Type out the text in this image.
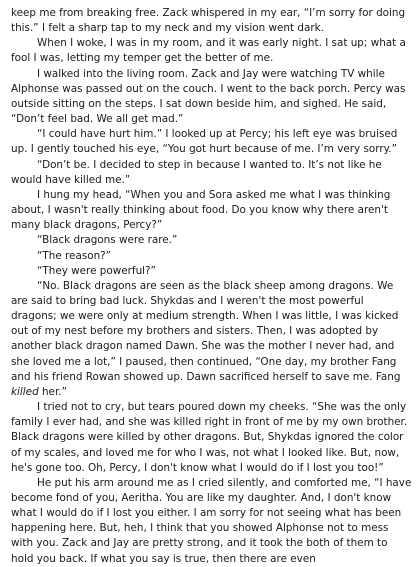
keep me from breaking free. Zack whispered in my ear, “I’m sorry for doing this.” I felt a sharp tap to my neck and my vision went dark.

When I woke, I was in my room, and it was early night. I sat up; what a fool I was, letting my temper get the better of me.

I walked into the living room. Zack and Jay were watching TV while Alphonse was passed out on the couch. I went to the back porch. Percy was outside sitting on the steps. I sat down beside him, and sighed. He said, “Don’t feel bad. We all get mad.”

“I could have hurt him.” I looked up at Percy; his left eye was bruised up. I gently touched his eye, “You got hurt because of me. I’m very sorry.”

“Don’t be. I decided to step in because I wanted to. It’s not like he would have killed me.”

I hung my head, “When you and Sora asked me what I was thinking about, I wasn't really thinking about food. Do you know why there aren't many black dragons, Percy?”

“Black dragons were rare.”

“The reason?”

“They were powerful?”

“No. Black dragons are seen as the black sheep among dragons. We are said to bring bad luck. Shykdas and I weren't the most powerful dragons; we were only at medium strength. When I was little, I was kicked out of my nest before my brothers and sisters. Then, I was adopted by another black dragon named Dawn. She was the mother I never had, and she loved me a lot,” I paused, then continued, “One day, my brother Fang and his friend Rowan showed up. Dawn sacrificed herself to save me. Fang killed her.”

I tried not to cry, but tears poured down my cheeks. “She was the only family I ever had, and she was killed right in front of me by my own brother. Black dragons were killed by other dragons. But, Shykdas ignored the color of my scales, and loved me for who I was, not what I looked like. But, now, he's gone too. Oh, Percy, I don't know what I would do if I lost you too!”

He put his arm around me as I cried silently, and comforted me, “I have become fond of you, Aeritha. You are like my daughter. And, I don't know what I would do if I lost you either. I am sorry for not seeing what has been happening here. But, heh, I think that you showed Alphonse not to mess with you. Zack and Jay are pretty strong, and it took the both of them to hold you back. If what you say is true, then there are even
